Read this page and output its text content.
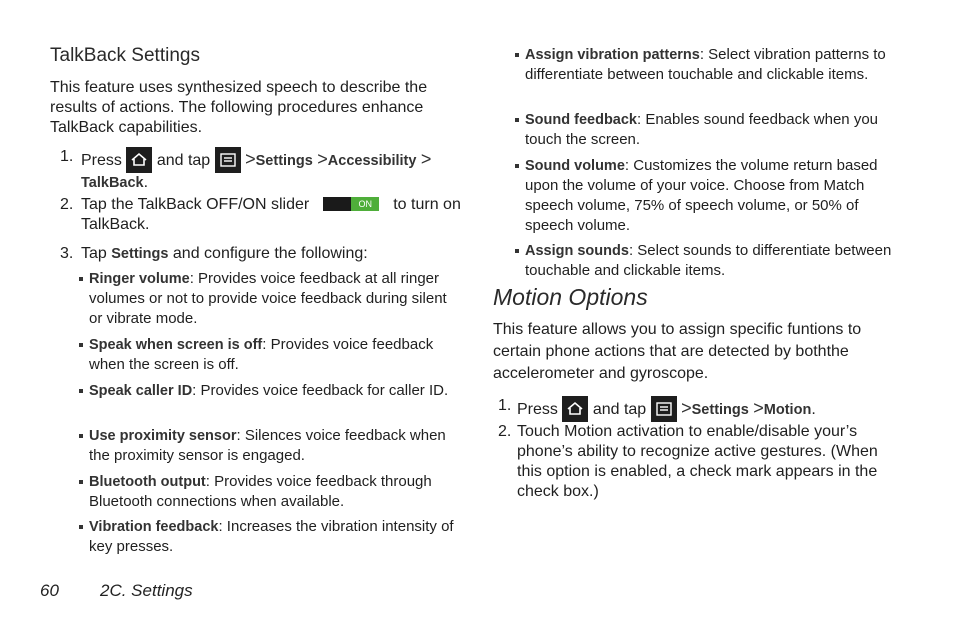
TalkBack Settings
This feature uses synthesized speech to describe the results of actions. The following procedures enhance TalkBack capabilities.
1. Press and tap >Settings >Accessibility >
TalkBack.
2. Tap the TalkBack OFF/ON slider	ON	to turn on TalkBack.
3. Tap Settings and configure the following:
Ringer volume: Provides voice feedback at all ringer volumes or not to provide voice feedback during silent or vibrate mode.
Speak when screen is off: Provides voice feedback when the screen is off.
Speak caller ID: Provides voice feedback for caller ID.
Use proximity sensor: Silences voice feedback when the proximity sensor is engaged.
Bluetooth output: Provides voice feedback through Bluetooth connections when available.
Vibration feedback: Increases the vibration intensity of key presses.
Assign vibration patterns: Select vibration patterns to differentiate between touchable and clickable items.
Sound feedback: Enables sound feedback when you touch the screen.
Sound volume: Customizes the volume return based upon the volume of your voice. Choose from Match speech volume, 75% of speech volume, or 50% of speech volume.
Assign sounds: Select sounds to differentiate between touchable and clickable items.
Motion Options
This feature allows you to assign specific funtions to certain phone actions that are detected by boththe accelerometer and gyroscope.
1. Press and tap >Settings >Motion.
2. Touch Motion activation to enable/disable your’s phone’s ability to recognize active gestures. (When this option is enabled, a check mark appears in the check box.)
60 2C. Settings
